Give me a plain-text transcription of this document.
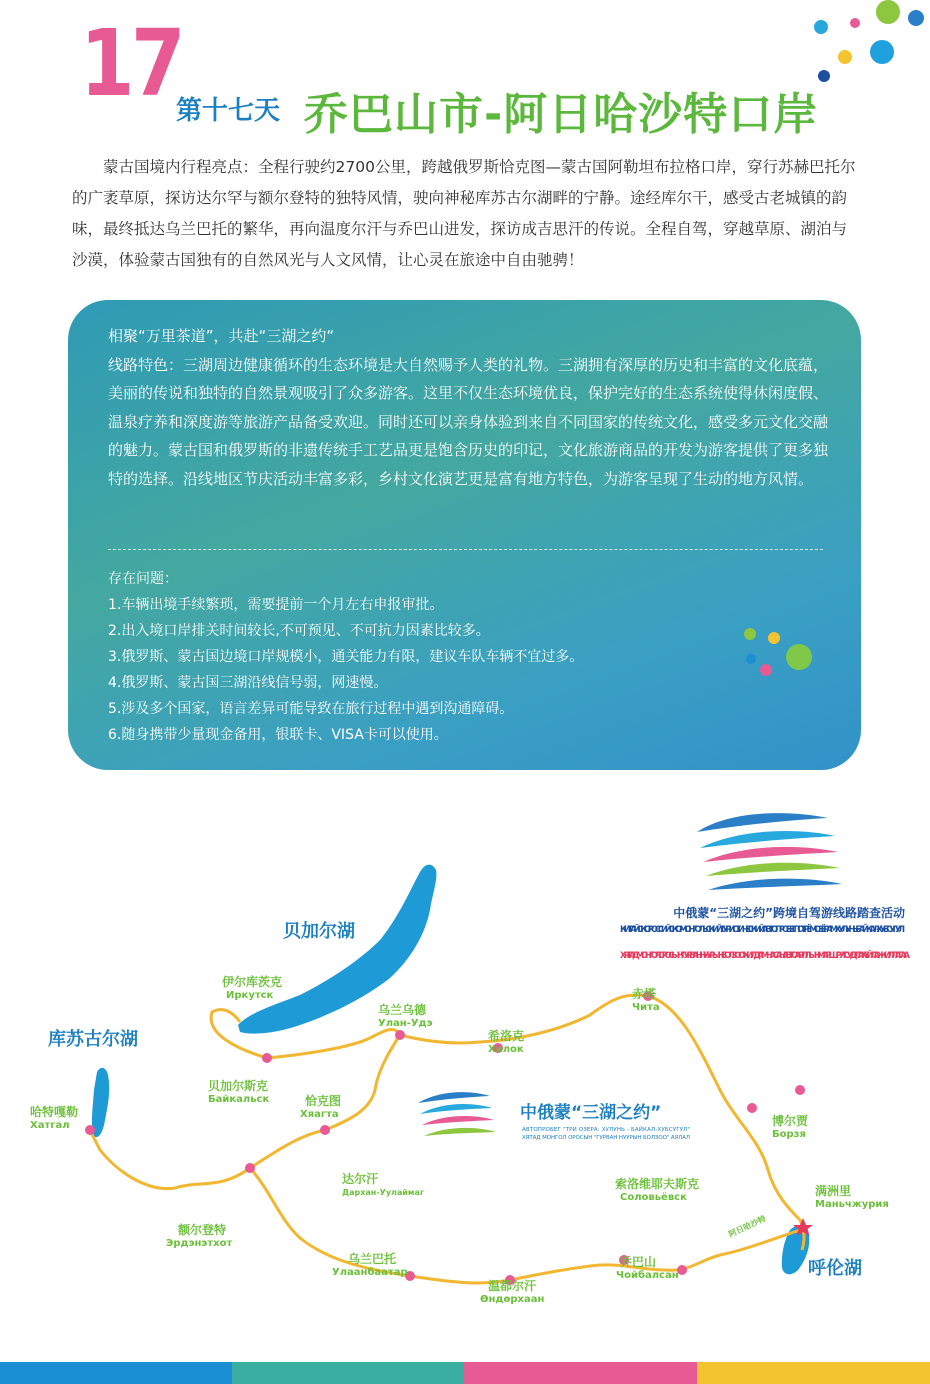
17
第十七天 乔巴山市-阿日哈沙特口岸
蒙古国境内行程亮点：全程行驶约2700公里，跨越俄罗斯恰克图—蒙古国阿勒坦布拉格口岸，穿行苏赫巴托尔的广袤草原，探访达尔罕与额尔登特的独特风情，驶向神秘库苏古尔湖畔的宁静。途经库尔干，感受古老城镇的韵味，最终抵达乌兰巴托的繁华，再向温度尔汗与乔巴山进发，探访成吉思汗的传说。全程自驾，穿越草原、湖泊与沙漠，体验蒙古国独有的自然风光与人文风情，让心灵在旅途中自由驰骋！
相聚“万里茶道”，共赴“三湖之约“
线路特色：三湖周边健康循环的生态环境是大自然赐予人类的礼物。三湖拥有深厚的历史和丰富的文化底蕴，美丽的传说和独特的自然景观吸引了众多游客。这里不仅生态环境优良，保护完好的生态系统使得休闲度假、温泉疗养和深度游等旅游产品备受欢迎。同时还可以亲身体验到来自不同国家的传统文化，感受多元文化交融的魅力。蒙古国和俄罗斯的非遗传统手工艺品更是饱含历史的印记，文化旅游商品的开发为游客提供了更多独特的选择。沿线地区节庆活动丰富多彩，乡村文化演艺更是富有地方特色，为游客呈现了生动的地方风情。
存在问题：
1.车辆出境手续繁琐，需要提前一个月左右申报审批。
2.出入境口岸排关时间较长,不可预见、不可抗力因素比较多。
3.俄罗斯、蒙古国边境口岸规模小，通关能力有限，建议车队车辆不宜过多。
4.俄罗斯、蒙古国三湖沿线信号弱，网速慢。
5.涉及多个国家，语言差异可能导致在旅行过程中遇到沟通障碍。
6.随身携带少量现金备用，银联卡、VISA卡可以使用。
中俄蒙“三湖之约”跨境自驾游线路踏查活动
КИТАЙСКО- РОССИЙСКО- МОНГОЛЬСКИЙ ТУРИСТИЧЕСКИЙ АВТОПРОБЕГ ПО ТРЁМ ОЗЁРАМ: ХУЛУНЬ- БАЙКАЛ - ХУБСУГУЛ
ХЯТАД МОНГОЛ ОРОСЫН "ГУРВАН НУУРЫН БОЛЗОО"ХИЛ ДАМНАСАН АВТО АЯЛЛЫН МАРШРУТ СУДЛАХ ҮЙЛ АЖИЛЛАГАА
贝加尔湖
库苏古尔湖
呼伦湖
伊尔库茨克
Иркутск
乌兰乌德
Улан-Удэ
希洛克
Хилок
赤塔
Чита
博尔贾
Борзя
满洲里
Маньчжурия
贝加尔斯克
Байкальск	恰克图
Хяагта
哈特嘎勒
Хатгал
达尔汗
Дархан-Уулаймаг
额尔登特
Эрдэнэтхот
乌兰巴托
Улаанбаатар
温都尔汗
Өндөрхаан
乔巴山
Чойбалсан
索洛维耶夫斯克
Соловьёвск
阿日哈沙特
中俄蒙“三湖之约”
АВТОПРОБЕГ "ТРИ ОЗЕРА: ХУЛУНЬ - БАЙКАЛ-ХУБСУГУЛ"
ХЯТАД МОНГОЛ ОРОСЫН "ГУРВАН НУУРЫН БОЛЗОО" АЯЛАЛ
